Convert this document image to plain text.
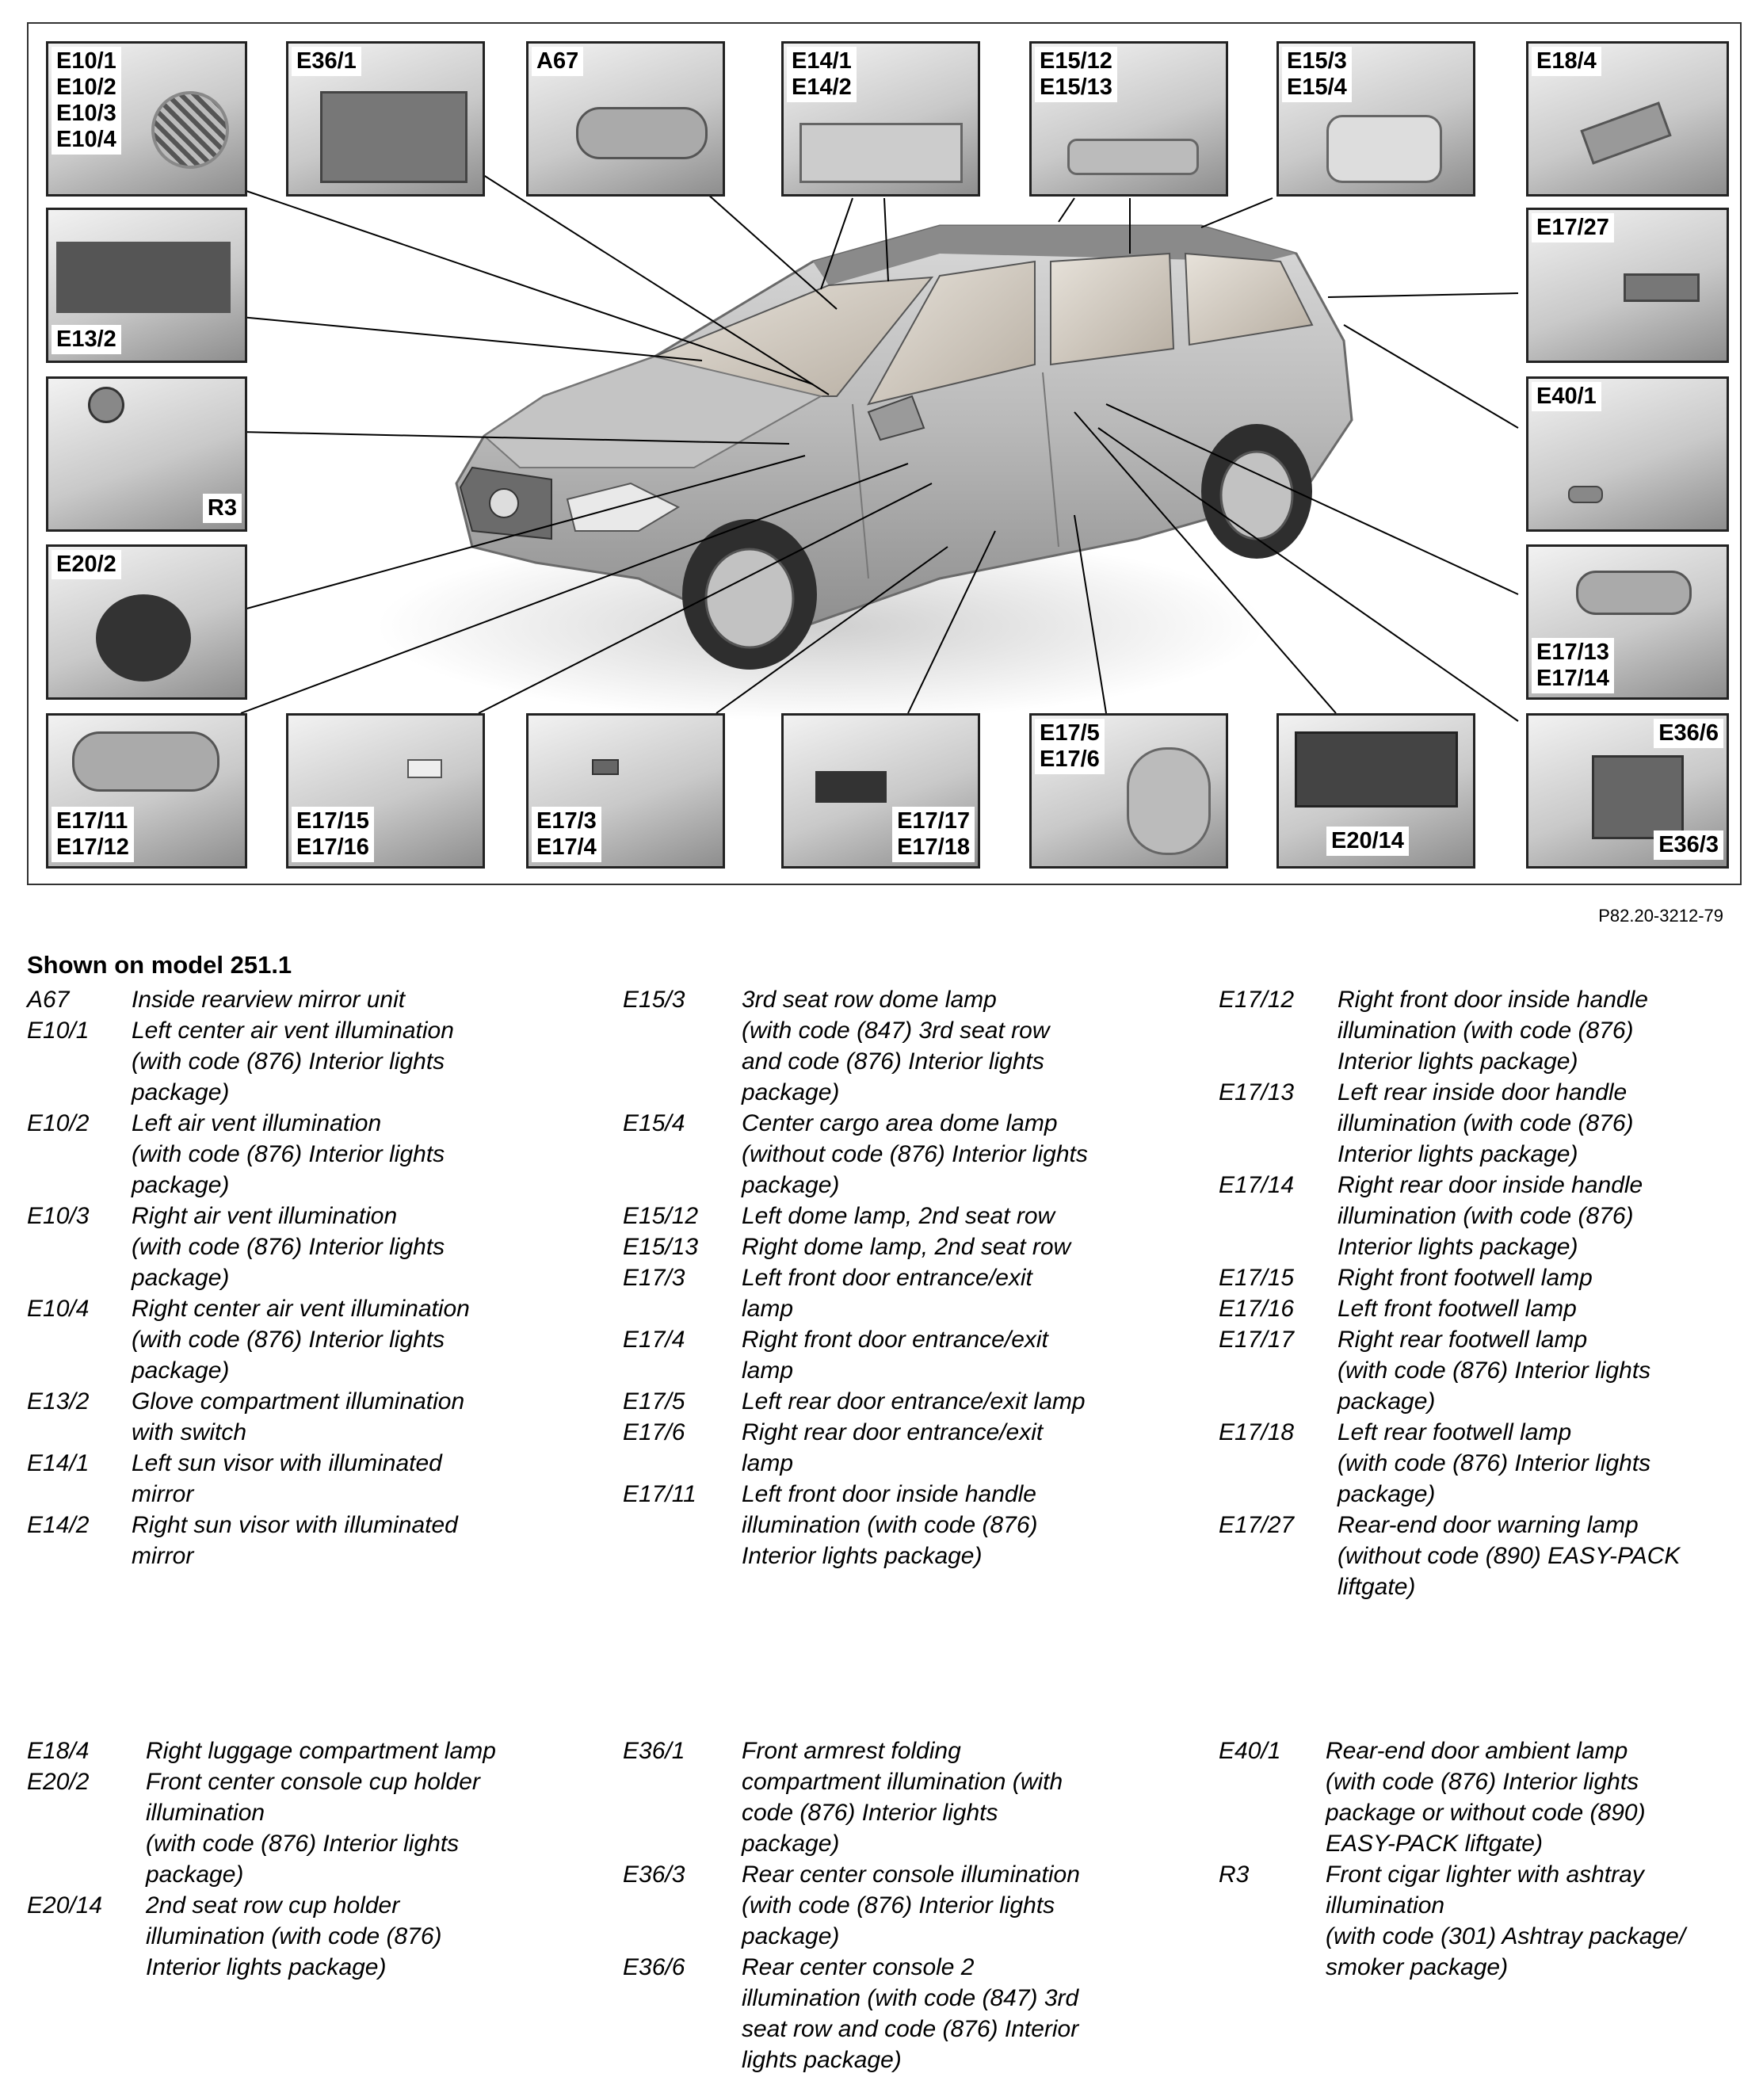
E10/1
E10/2
E10/3
E10/4
E36/1	A67	E14/1
E14/2
E15/12
E15/13
E15/3
E15/4
E18/4
E13/2
E17/27
R3
E40/1
E20/2
E17/13
E17/14
E17/11
E17/12
E17/15
E17/16
E17/3
E17/4
E17/17
E17/18
E17/5
E17/6
E20/14
E36/6
E36/3
P82.20-3212-79
Shown on model 251.1
A67	Inside rearview mirror unit
E10/1	Left center air vent illumination
(with code (876) Interior lights
package)
E10/2	Left air vent illumination
(with code (876) Interior lights
package)
E10/3	Right air vent illumination
(with code (876) Interior lights
package)
E10/4	Right center air vent illumination
(with code (876) Interior lights
package)
E13/2	Glove compartment illumination
with switch
E14/1	Left sun visor with illuminated
mirror
E14/2	Right sun visor with illuminated
mirror
E15/3	3rd seat row dome lamp
(with code (847) 3rd seat row
and code (876) Interior lights
package)
E15/4	Center cargo area dome lamp
(without code (876) Interior lights
package)
E15/12	Left dome lamp, 2nd seat row
E15/13	Right dome lamp, 2nd seat row
E17/3	Left front door entrance/exit
lamp
E17/4	Right front door entrance/exit
lamp
E17/5	Left rear door entrance/exit lamp
E17/6	Right rear door entrance/exit
lamp
E17/11	Left front door inside handle
illumination (with code (876)
Interior lights package)
E17/12	Right front door inside handle
illumination (with code (876)
Interior lights package)
E17/13	Left rear inside door handle
illumination (with code (876)
Interior lights package)
E17/14	Right rear door inside handle
illumination (with code (876)
Interior lights package)
E17/15	Right front footwell lamp
E17/16	Left front footwell lamp
E17/17	Right rear footwell lamp
(with code (876) Interior lights
package)
E17/18	Left rear footwell lamp
(with code (876) Interior lights
package)
E17/27	Rear-end door warning lamp
(without code (890) EASY-PACK
liftgate)
E18/4	Right luggage compartment lamp
E20/2	Front center console cup holder
illumination
(with code (876) Interior lights
package)
E20/14	2nd seat row cup holder
illumination (with code (876)
Interior lights package)
E36/1	Front armrest folding
compartment illumination (with
code (876) Interior lights
package)
E36/3	Rear center console illumination
(with code (876) Interior lights
package)
E36/6	Rear center console 2
illumination (with code (847) 3rd
seat row and code (876) Interior
lights package)
E40/1	Rear-end door ambient lamp
(with code (876) Interior lights
package or without code (890)
EASY-PACK liftgate)
R3	Front cigar lighter with ashtray
illumination
(with code (301) Ashtray package/
smoker package)
